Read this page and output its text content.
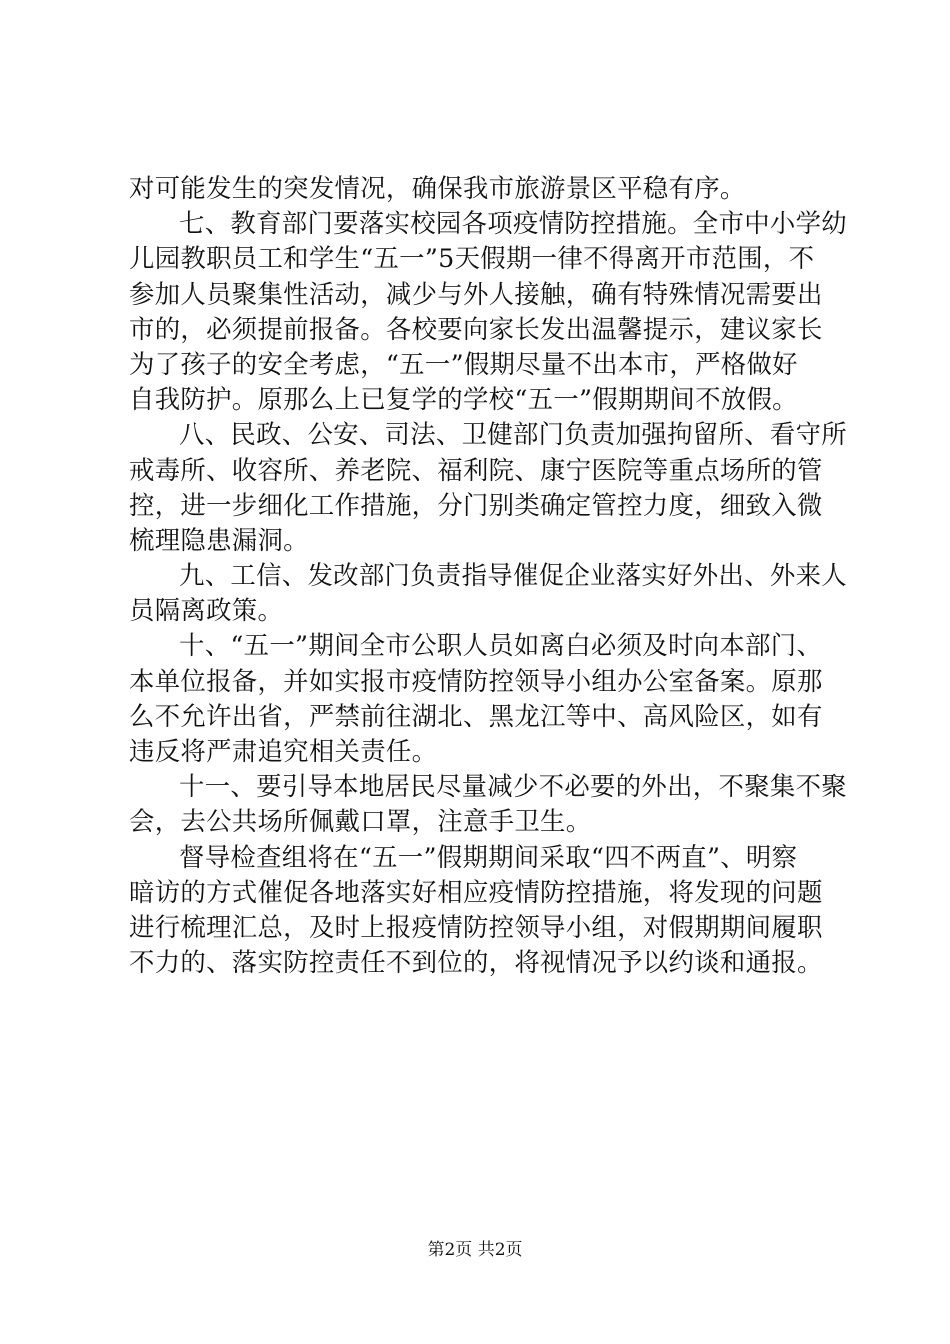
对可能发生的突发情况，确保我市旅游景区平稳有序。
七、教育部门要落实校园各项疫情防控措施。全市中小学幼
儿园教职员工和学生“五一”5天假期一律不得离开市范围，不
参加人员聚集性活动，减少与外人接触，确有特殊情况需要出
市的，必须提前报备。各校要向家长发出温馨提示，建议家长
为了孩子的安全考虑，“五一”假期尽量不出本市，严格做好
自我防护。原那么上已复学的学校“五一”假期期间不放假。
八、民政、公安、司法、卫健部门负责加强拘留所、看守所
戒毒所、收容所、养老院、福利院、康宁医院等重点场所的管
控，进一步细化工作措施，分门别类确定管控力度，细致入微
梳理隐患漏洞。
九、工信、发改部门负责指导催促企业落实好外出、外来人
员隔离政策。
十、“五一”期间全市公职人员如离白必须及时向本部门、
本单位报备，并如实报市疫情防控领导小组办公室备案。原那
么不允许出省，严禁前往湖北、黑龙江等中、高风险区，如有
违反将严肃追究相关责任。
十一、要引导本地居民尽量减少不必要的外出，不聚集不聚
会，去公共场所佩戴口罩，注意手卫生。
督导检查组将在“五一”假期期间采取“四不两直”、明察
暗访的方式催促各地落实好相应疫情防控措施，将发现的问题
进行梳理汇总，及时上报疫情防控领导小组，对假期期间履职
不力的、落实防控责任不到位的，将视情况予以约谈和通报。
第2页 共2页
